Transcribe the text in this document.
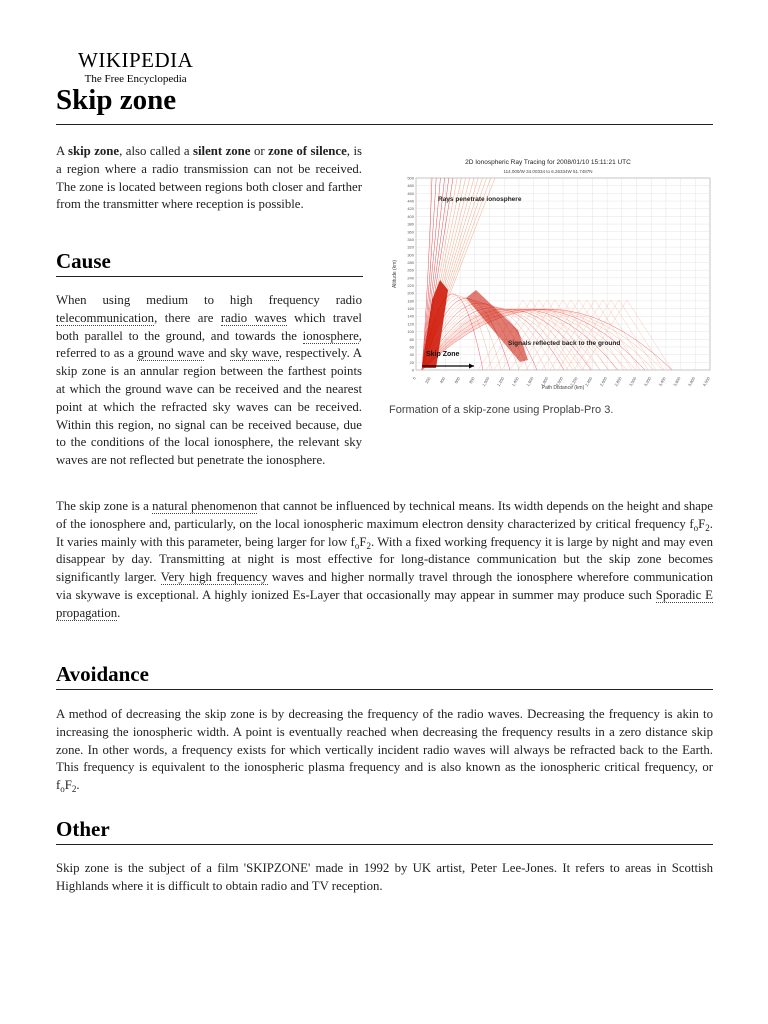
WIKIPEDIA
The Free Encyclopedia
Skip zone

A skip zone, also called a silent zone or zone of silence, is a region where a radio transmission can not be received. The zone is located between regions both closer and farther from the transmitter where reception is possible.

2D Ionospheric Ray Tracing for 2008/01/10 15:11:21 UTC
114.000/W 34.00334 to 6.26334W 51.7487N
500
480
460
440
420
400
380
360
340
320
300
280
260
240
220
200
180
160
140
120
100
80
60
40
20
0
0 200 400 600 800 1,000 1,200 1,400 1,600 1,800 2,000 2,200 2,400 2,600 2,800 3,000 3,200 3,400 3,600 3,800 4,000
Rays penetrate ionosphere
Signals reflected back to the ground
Skip Zone
Path Distance (km)
Altitude (km)

Formation of a skip-zone using Proplab-Pro 3.

Cause

When using medium to high frequency radio telecommunication, there are radio waves which travel both parallel to the ground, and towards the ionosphere, referred to as a ground wave and sky wave, respectively. A skip zone is an annular region between the farthest points at which the ground wave can be received and the nearest point at which the refracted sky waves can be received. Within this region, no signal can be received because, due to the conditions of the local ionosphere, the relevant sky waves are not reflected but penetrate the ionosphere.

The skip zone is a natural phenomenon that cannot be influenced by technical means. Its width depends on the height and shape of the ionosphere and, particularly, on the local ionospheric maximum electron density characterized by critical frequency $f_oF_2$. It varies mainly with this parameter, being larger for low $f_oF_2$. With a fixed working frequency it is large by night and may even disappear by day. Transmitting at night is most effective for long-distance communication but the skip zone becomes significantly larger. Very high frequency waves and higher normally travel through the ionosphere wherefore communication via skywave is exceptional. A highly ionized Es-Layer that occasionally may appear in summer may produce such Sporadic E propagation.

Avoidance

A method of decreasing the skip zone is by decreasing the frequency of the radio waves. Decreasing the frequency is akin to increasing the ionospheric width. A point is eventually reached when decreasing the frequency results in a zero distance skip zone. In other words, a frequency exists for which vertically incident radio waves will always be refracted back to the Earth. This frequency is equivalent to the ionospheric plasma frequency and is also known as the ionospheric critical frequency, or $f_oF_2$.

Other

Skip zone is the subject of a film 'SKIPZONE' made in 1992 by UK artist, Peter Lee-Jones. It refers to areas in Scottish Highlands where it is difficult to obtain radio and TV reception.
